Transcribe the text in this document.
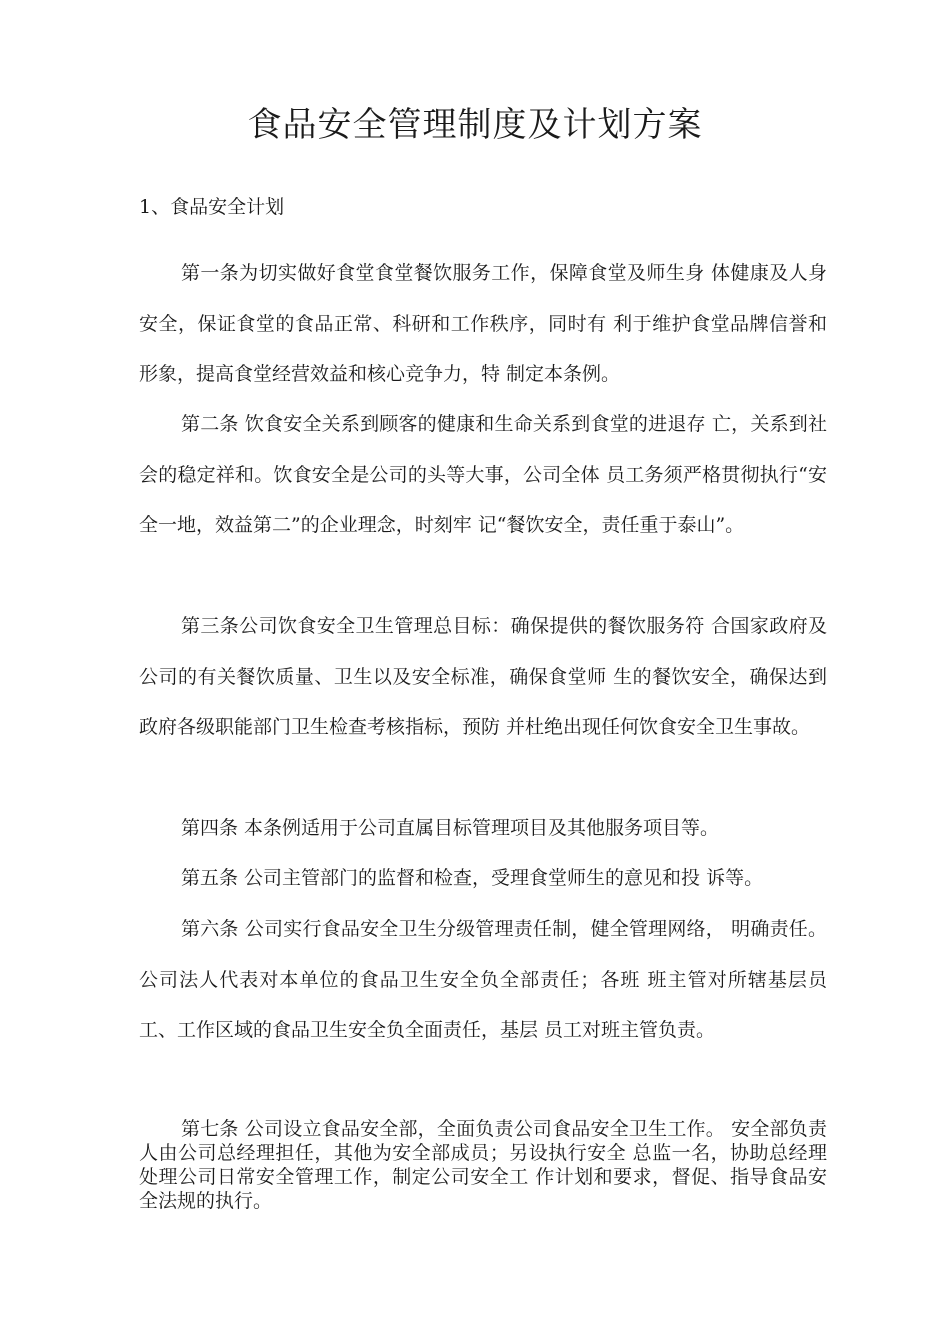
食品安全管理制度及计划方案
1、食品安全计划

第一条为切实做好食堂食堂餐饮服务工作，保障食堂及师生身 体健康及人身安全，保证食堂的食品正常、科研和工作秩序，同时有 利于维护食堂品牌信誉和形象，提高食堂经营效益和核心竞争力，特 制定本条例。

第二条 饮食安全关系到顾客的健康和生命关系到食堂的进退存 亡，关系到社会的稳定祥和。饮食安全是公司的头等大事，公司全体 员工务须严格贯彻执行“安全一地，效益第二”的企业理念，时刻牢 记“餐饮安全，责任重于泰山”。

第三条公司饮食安全卫生管理总目标：确保提供的餐饮服务符 合国家政府及公司的有关餐饮质量、卫生以及安全标准，确保食堂师 生的餐饮安全，确保达到政府各级职能部门卫生检查考核指标，预防 并杜绝出现任何饮食安全卫生事故。

第四条 本条例适用于公司直属目标管理项目及其他服务项目等。

第五条 公司主管部门的监督和检查，受理食堂师生的意见和投 诉等。

第六条 公司实行食品安全卫生分级管理责任制，健全管理网络， 明确责任。公司法人代表对本单位的食品卫生安全负全部责任；各班 班主管对所辖基层员工、工作区域的食品卫生安全负全面责任，基层 员工对班主管负责。

第七条 公司设立食品安全部，全面负责公司食品安全卫生工作。 安全部负责人由公司总经理担任，其他为安全部成员；另设执行安全 总监一名，协助总经理处理公司日常安全管理工作，制定公司安全工 作计划和要求，督促、指导食品安全法规的执行。
